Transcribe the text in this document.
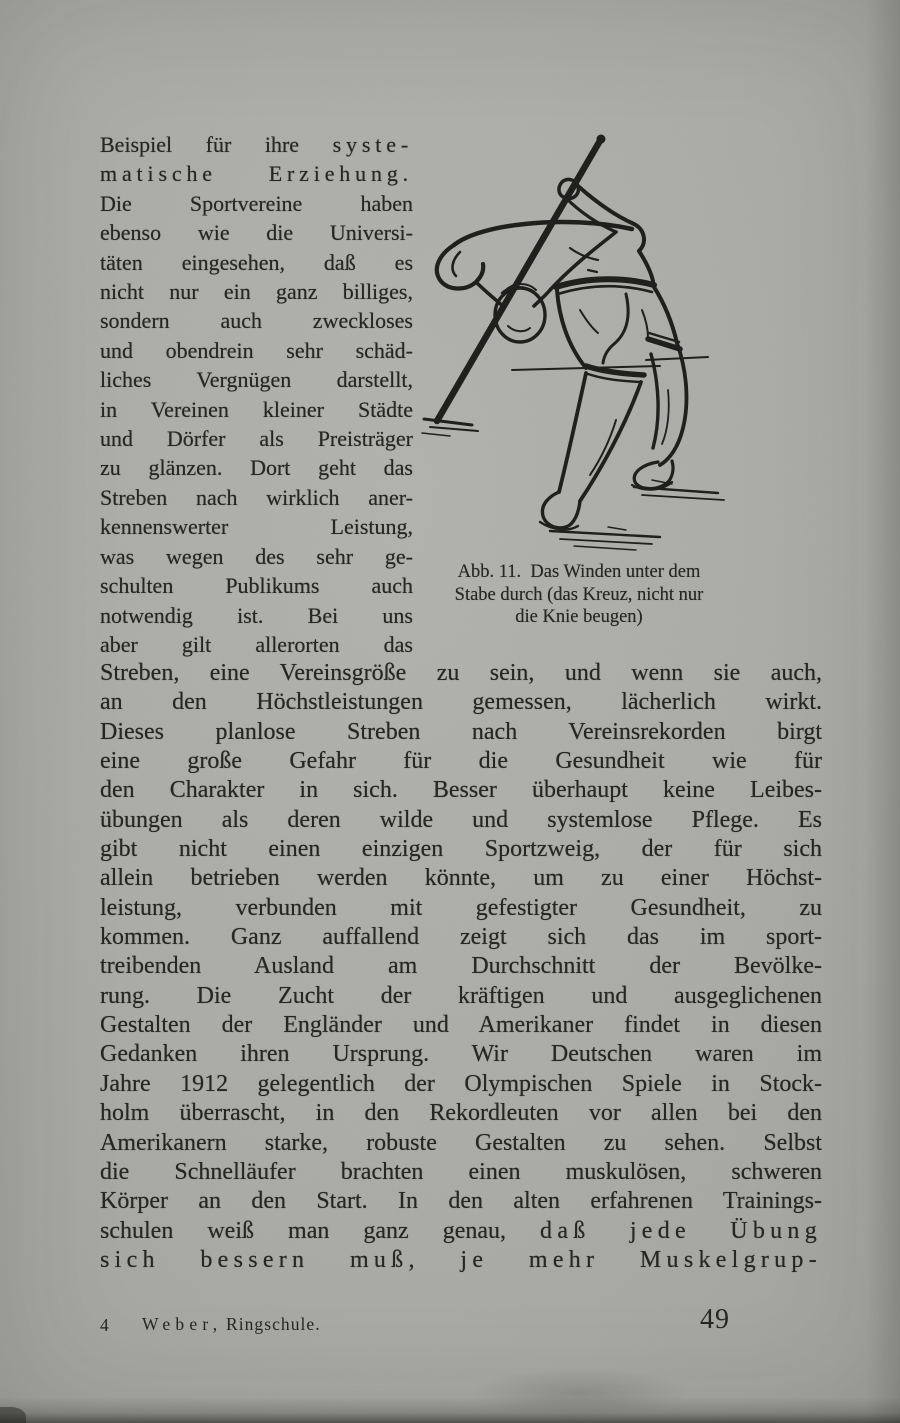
Beispiel für ihre syste-
matische Erziehung.
Die Sportvereine haben
ebenso wie die Universi-
täten eingesehen, daß es
nicht nur ein ganz billiges,
sondern auch zweckloses
und obendrein sehr schäd-
liches Vergnügen darstellt,
in Vereinen kleiner Städte
und Dörfer als Preisträger
zu glänzen. Dort geht das
Streben nach wirklich aner-
kennenswerter Leistung,
was wegen des sehr ge-
schulten Publikums auch
notwendig ist. Bei uns
aber gilt allerorten das
Abb. 11.  Das Winden unter dem
Stabe durch (das Kreuz, nicht nur
die Knie beugen)
Streben, eine Vereinsgröße zu sein, und wenn sie auch,
an den Höchstleistungen gemessen, lächerlich wirkt.
Dieses planlose Streben nach Vereinsrekorden birgt
eine große Gefahr für die Gesundheit wie für
den Charakter in sich. Besser überhaupt keine Leibes-
übungen als deren wilde und systemlose Pflege. Es
gibt nicht einen einzigen Sportzweig, der für sich
allein betrieben werden könnte, um zu einer Höchst-
leistung, verbunden mit gefestigter Gesundheit, zu
kommen. Ganz auffallend zeigt sich das im sport-
treibenden Ausland am Durchschnitt der Bevölke-
rung. Die Zucht der kräftigen und ausgeglichenen
Gestalten der Engländer und Amerikaner findet in diesen
Gedanken ihren Ursprung. Wir Deutschen waren im
Jahre 1912 gelegentlich der Olympischen Spiele in Stock-
holm überrascht, in den Rekordleuten vor allen bei den
Amerikanern starke, robuste Gestalten zu sehen. Selbst
die Schnelläufer brachten einen muskulösen, schweren
Körper an den Start. In den alten erfahrenen Trainings-
schulen weiß man ganz genau, daß jede Übung
sich bessern muß, je mehr Muskelgrup-
4 Weber, Ringschule.	49
